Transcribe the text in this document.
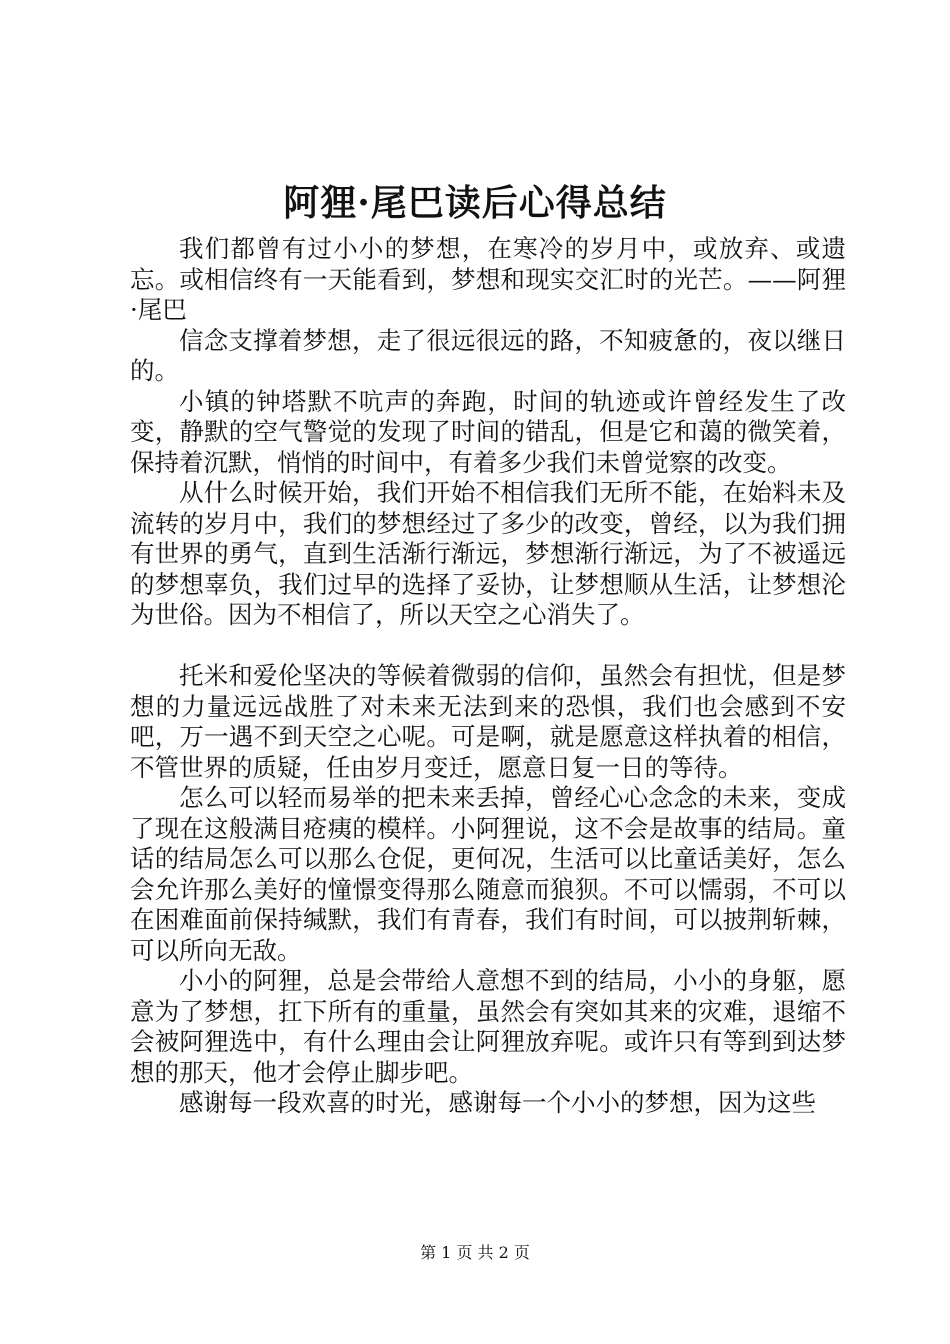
阿狸·尾巴读后心得总结

我们都曾有过小小的梦想，在寒冷的岁月中，或放弃、或遗忘。或相信终有一天能看到，梦想和现实交汇时的光芒。——阿狸·尾巴

信念支撑着梦想，走了很远很远的路，不知疲惫的，夜以继日的。

小镇的钟塔默不吭声的奔跑，时间的轨迹或许曾经发生了改变，静默的空气警觉的发现了时间的错乱，但是它和蔼的微笑着，保持着沉默，悄悄的时间中，有着多少我们未曾觉察的改变。

从什么时候开始，我们开始不相信我们无所不能，在始料未及流转的岁月中，我们的梦想经过了多少的改变，曾经，以为我们拥有世界的勇气，直到生活渐行渐远，梦想渐行渐远，为了不被遥远的梦想辜负，我们过早的选择了妥协，让梦想顺从生活，让梦想沦为世俗。因为不相信了，所以天空之心消失了。

托米和爱伦坚决的等候着微弱的信仰，虽然会有担忧，但是梦想的力量远远战胜了对未来无法到来的恐惧，我们也会感到不安吧，万一遇不到天空之心呢。可是啊，就是愿意这样执着的相信，不管世界的质疑，任由岁月变迁，愿意日复一日的等待。

怎么可以轻而易举的把未来丢掉，曾经心心念念的未来，变成了现在这般满目疮痍的模样。小阿狸说，这不会是故事的结局。童话的结局怎么可以那么仓促，更何况，生活可以比童话美好，怎么会允许那么美好的憧憬变得那么随意而狼狈。不可以懦弱，不可以在困难面前保持缄默，我们有青春，我们有时间，可以披荆斩棘，可以所向无敌。

小小的阿狸，总是会带给人意想不到的结局，小小的身躯，愿意为了梦想，扛下所有的重量，虽然会有突如其来的灾难，退缩不会被阿狸选中，有什么理由会让阿狸放弃呢。或许只有等到到达梦想的那天，他才会停止脚步吧。

感谢每一段欢喜的时光，感谢每一个小小的梦想，因为这些

第 1 页 共 2 页
